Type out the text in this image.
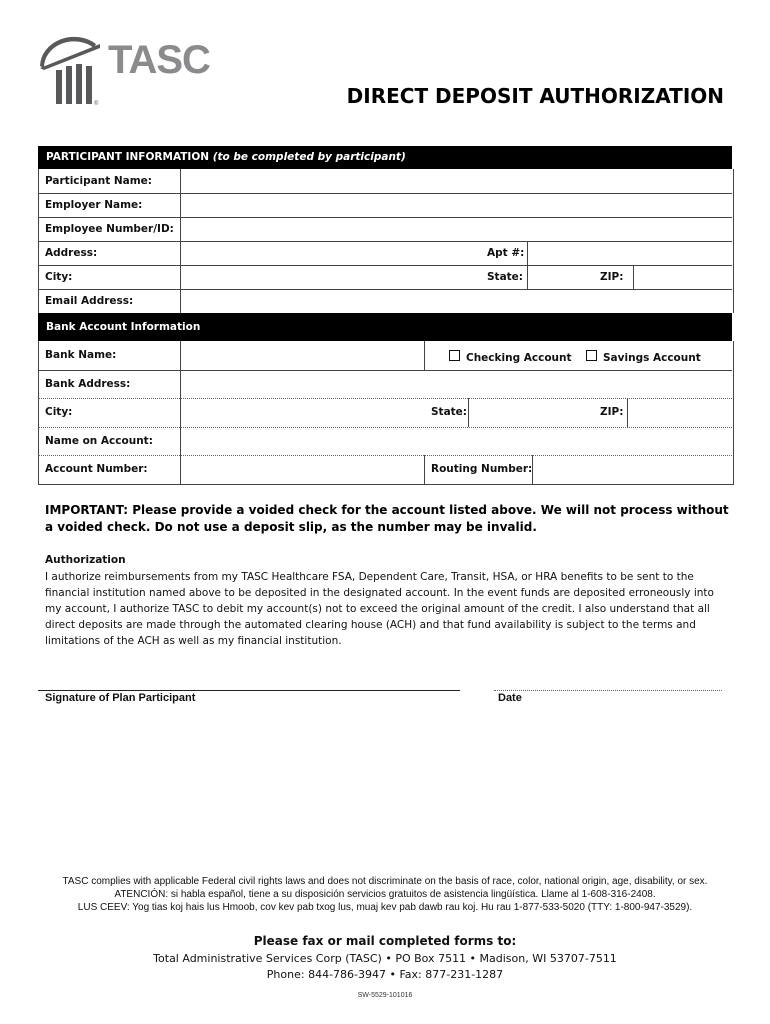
®
TASC
DIRECT DEPOSIT AUTHORIZATION
PARTICIPANT INFORMATION (to be completed by participant)
Participant Name:
Employer Name:
Employee Number/ID:
Address:	Apt #:
City:	State:	ZIP:
Email Address:
Bank Account Information
Bank Name:	Checking Account	Savings Account
Bank Address:
City:	State:	ZIP:
Name on Account:
Account Number:	Routing Number:
IMPORTANT: Please provide a voided check for the account listed above. We will not process without a voided check. Do not use a deposit slip, as the number may be invalid.
Authorization
I authorize reimbursements from my TASC Healthcare FSA, Dependent Care, Transit, HSA, or HRA benefits to be sent to the financial institution named above to be deposited in the designated account. In the event funds are deposited erroneously into my account, I authorize TASC to debit my account(s) not to exceed the original amount of the credit. I also understand that all direct deposits are made through the automated clearing house (ACH) and that fund availability is subject to the terms and limitations of the ACH as well as my financial institution.
Signature of Plan Participant	Date
TASC complies with applicable Federal civil rights laws and does not discriminate on the basis of race, color, national origin, age, disability, or sex.
ATENCIÓN: si habla español, tiene a su disposición servicios gratuitos de asistencia lingüística. Llame al 1-608-316-2408.
LUS CEEV: Yog tias koj hais lus Hmoob, cov kev pab txog lus, muaj kev pab dawb rau koj. Hu rau 1-877-533-5020 (TTY: 1-800-947-3529).
Please fax or mail completed forms to:
Total Administrative Services Corp (TASC) • PO Box 7511 • Madison, WI 53707-7511
Phone: 844-786-3947 • Fax: 877-231-1287
SW-5529-101016
